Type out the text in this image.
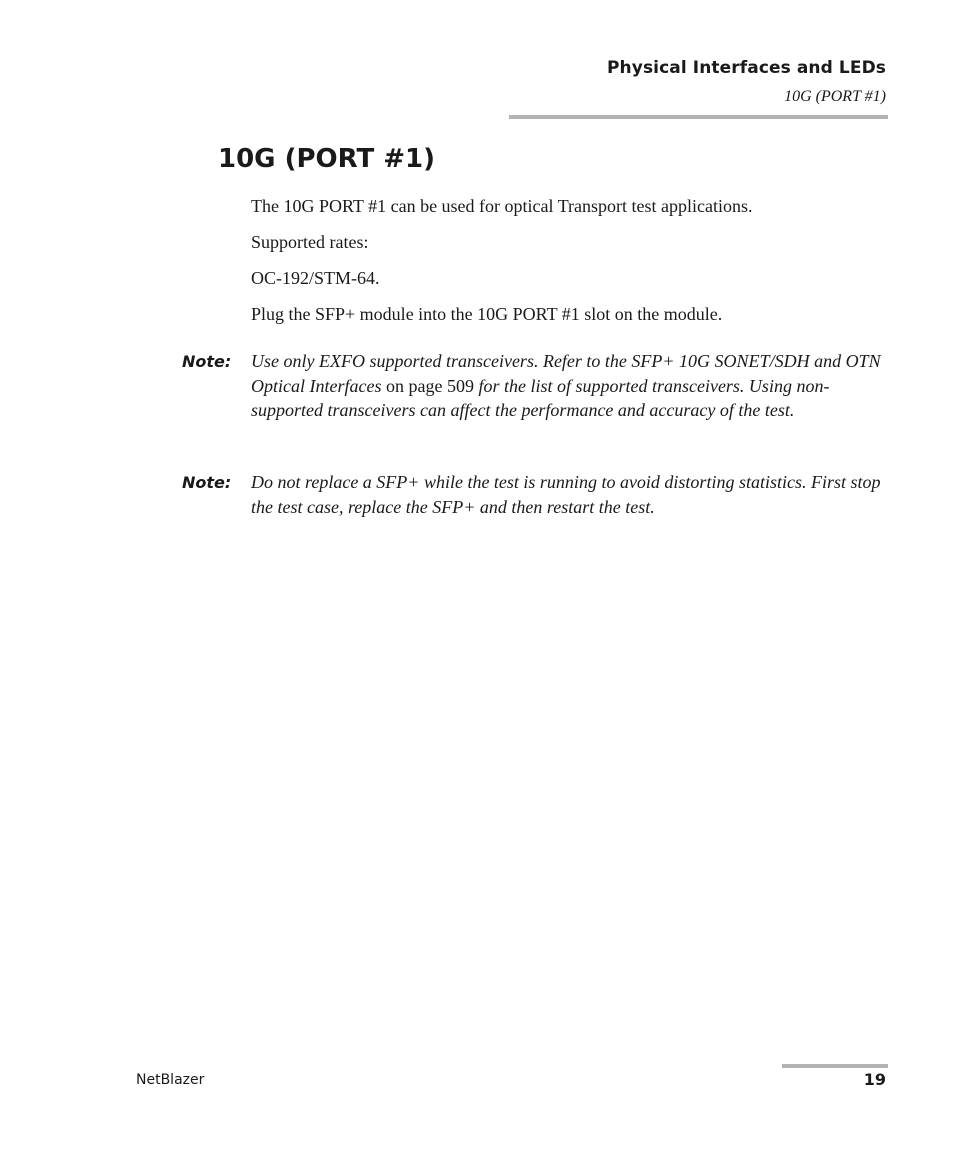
Physical Interfaces and LEDs
10G (PORT #1)
10G (PORT #1)

The 10G PORT #1 can be used for optical Transport test applications.

Supported rates:

OC-192/STM-64.

Plug the SFP+ module into the 10G PORT #1 slot on the module.

Note: Use only EXFO supported transceivers. Refer to the SFP+ 10G SONET/SDH and OTN Optical Interfaces on page 509 for the list of supported transceivers. Using non-supported transceivers can affect the performance and accuracy of the test.

Note: Do not replace a SFP+ while the test is running to avoid distorting statistics. First stop the test case, replace the SFP+ and then restart the test.

NetBlazer	19
